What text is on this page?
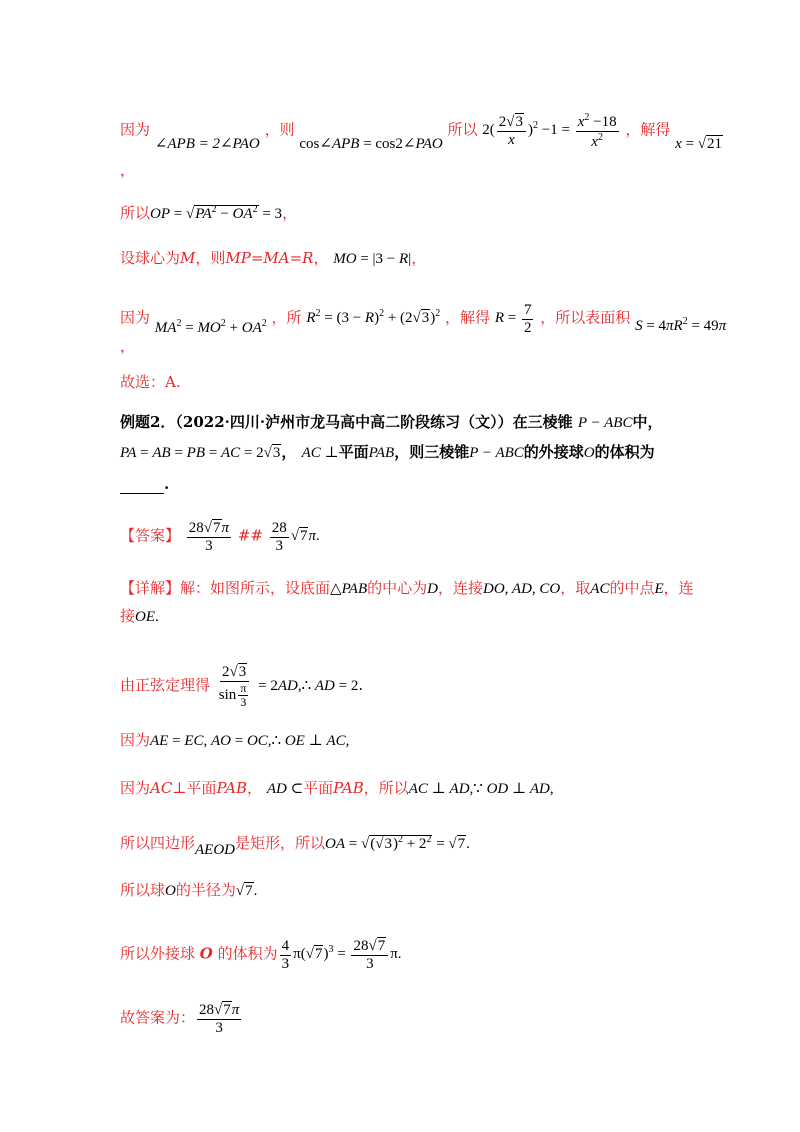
因为 ∠APB = 2∠PAO ，则 cos∠APB = cos2∠PAO 所以 $2( \frac{2√3}{x} )^2 -1 = \frac{x^2 -18}{x^2}$ ，解得 x = √21
，
所以OP = $√PA^2 - OA^2 = 3$，
设球心为M，则MP=MA=R， MO = |3 − R|，
因为 $MA^2 = MO^2 + OA^2$ ，所 $R^2 = (3 - R)^2 + (2√3)^2$ ，解得 $R = \frac{7}{2}$ ，所以表面积 $S = 4\pi R^2 = 49\pi$
，
故选：A.
例题2．（2022·四川·泸州市龙马高中高二阶段练习（文））在三棱锥 P − ABC中，
PA = AB = PB = AC = 2√3， AC ⊥平面PAB，则三棱锥P − ABC的外接球O的体积为
.
【答案】 $\frac{28√7\pi}{3}$ ## $\frac{28}{3} √7\pi$.
【详解】解：如图所示，设底面△PAB的中心为D，连接DO, AD, CO，取AC的中点E，连
接OE.
由正弦定理得 $\frac{2√3}{\sin \frac{\pi}{3}}$ = 2AD,∴ AD = 2.
因为AE = EC, AO = OC,∴ OE ⊥ AC,
因为AC⊥平面PAB， AD ⊂平面PAB，所以AC ⊥ AD,∵ OD ⊥ AD,
所以四边形AEOD是矩形，所以OA = $√(√3)^2 + 2^2 = √7$.
所以球O的半径为√7.
所以外接球 O 的体积为 $\frac{4}{3} \pi(√7)^3 = \frac{28√7}{3} \pi$.
故答案为： $\frac{28√7\pi}{3}$
